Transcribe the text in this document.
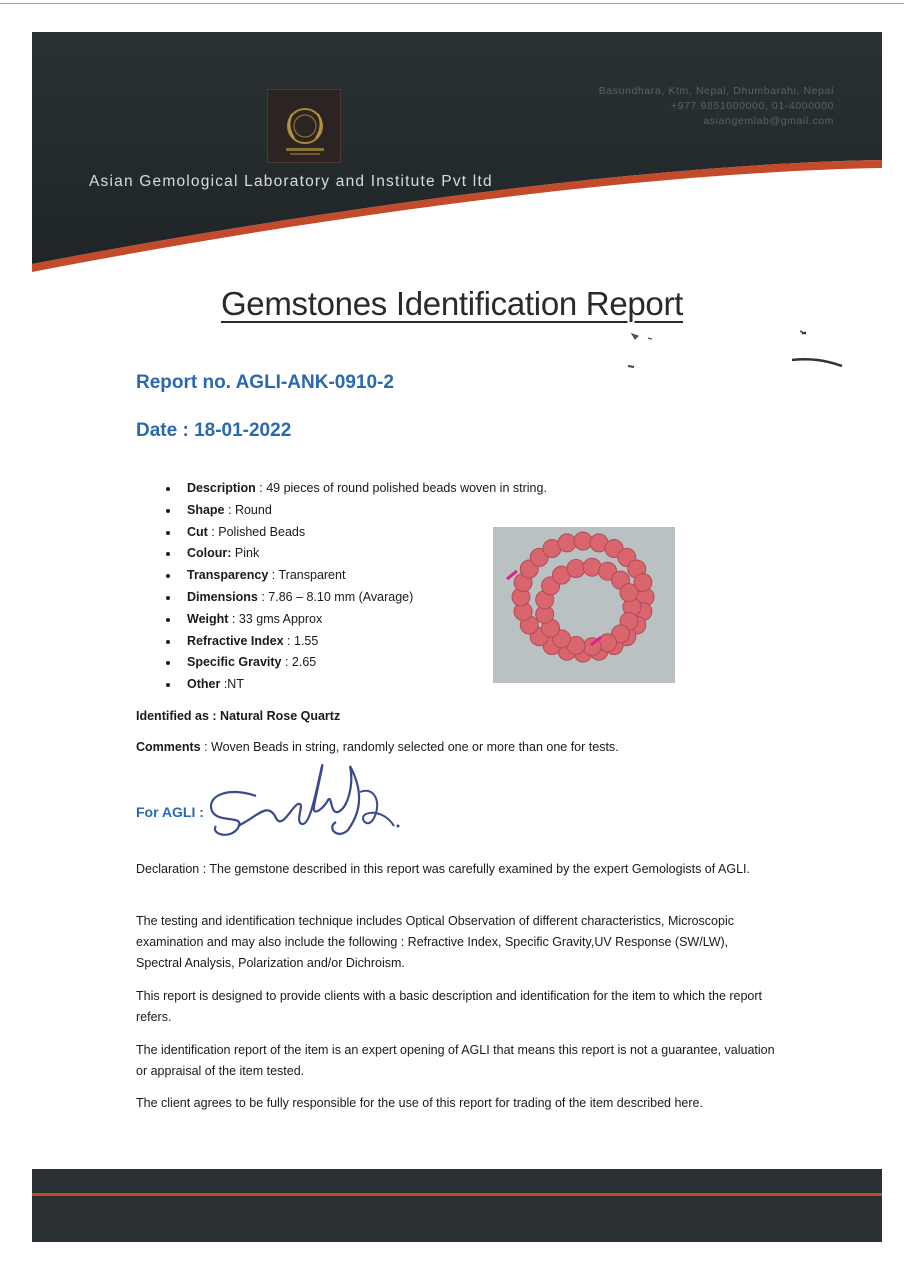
Asian Gemological Laboratory and Institute Pvt ltd
Basundhara, Ktm, Nepal, Dhumbarahi, Nepal
+977 9851000000, 01-4000000
asiangemlab@gmail.com
Gemstones Identification Report
Report no. AGLI-ANK-0910-2
Date : 18-01-2022
Description : 49 pieces of round polished beads woven in string.
Shape : Round
Cut : Polished Beads
Colour: Pink
Transparency : Transparent
Dimensions : 7.86 – 8.10 mm (Avarage)
Weight : 33 gms Approx
Refractive Index : 1.55
Specific Gravity : 2.65
Other :NT
Identified as : Natural Rose Quartz
Comments : Woven Beads in string, randomly selected one or more than one for tests.
For AGLI :
Declaration : The gemstone described in this report was carefully examined by the expert Gemologists of AGLI.
The testing and identification technique includes Optical Observation of different characteristics, Microscopic examination and may also include the following : Refractive Index, Specific Gravity,UV Response (SW/LW), Spectral Analysis, Polarization and/or Dichroism.
This report is designed to provide clients with a basic description and identification for the item to which the report refers.
The identification report of the item is an expert opening of AGLI that means this report is not a guarantee, valuation or appraisal of the item tested.
The client agrees to be fully responsible for the use of this report for trading of the item described here.
